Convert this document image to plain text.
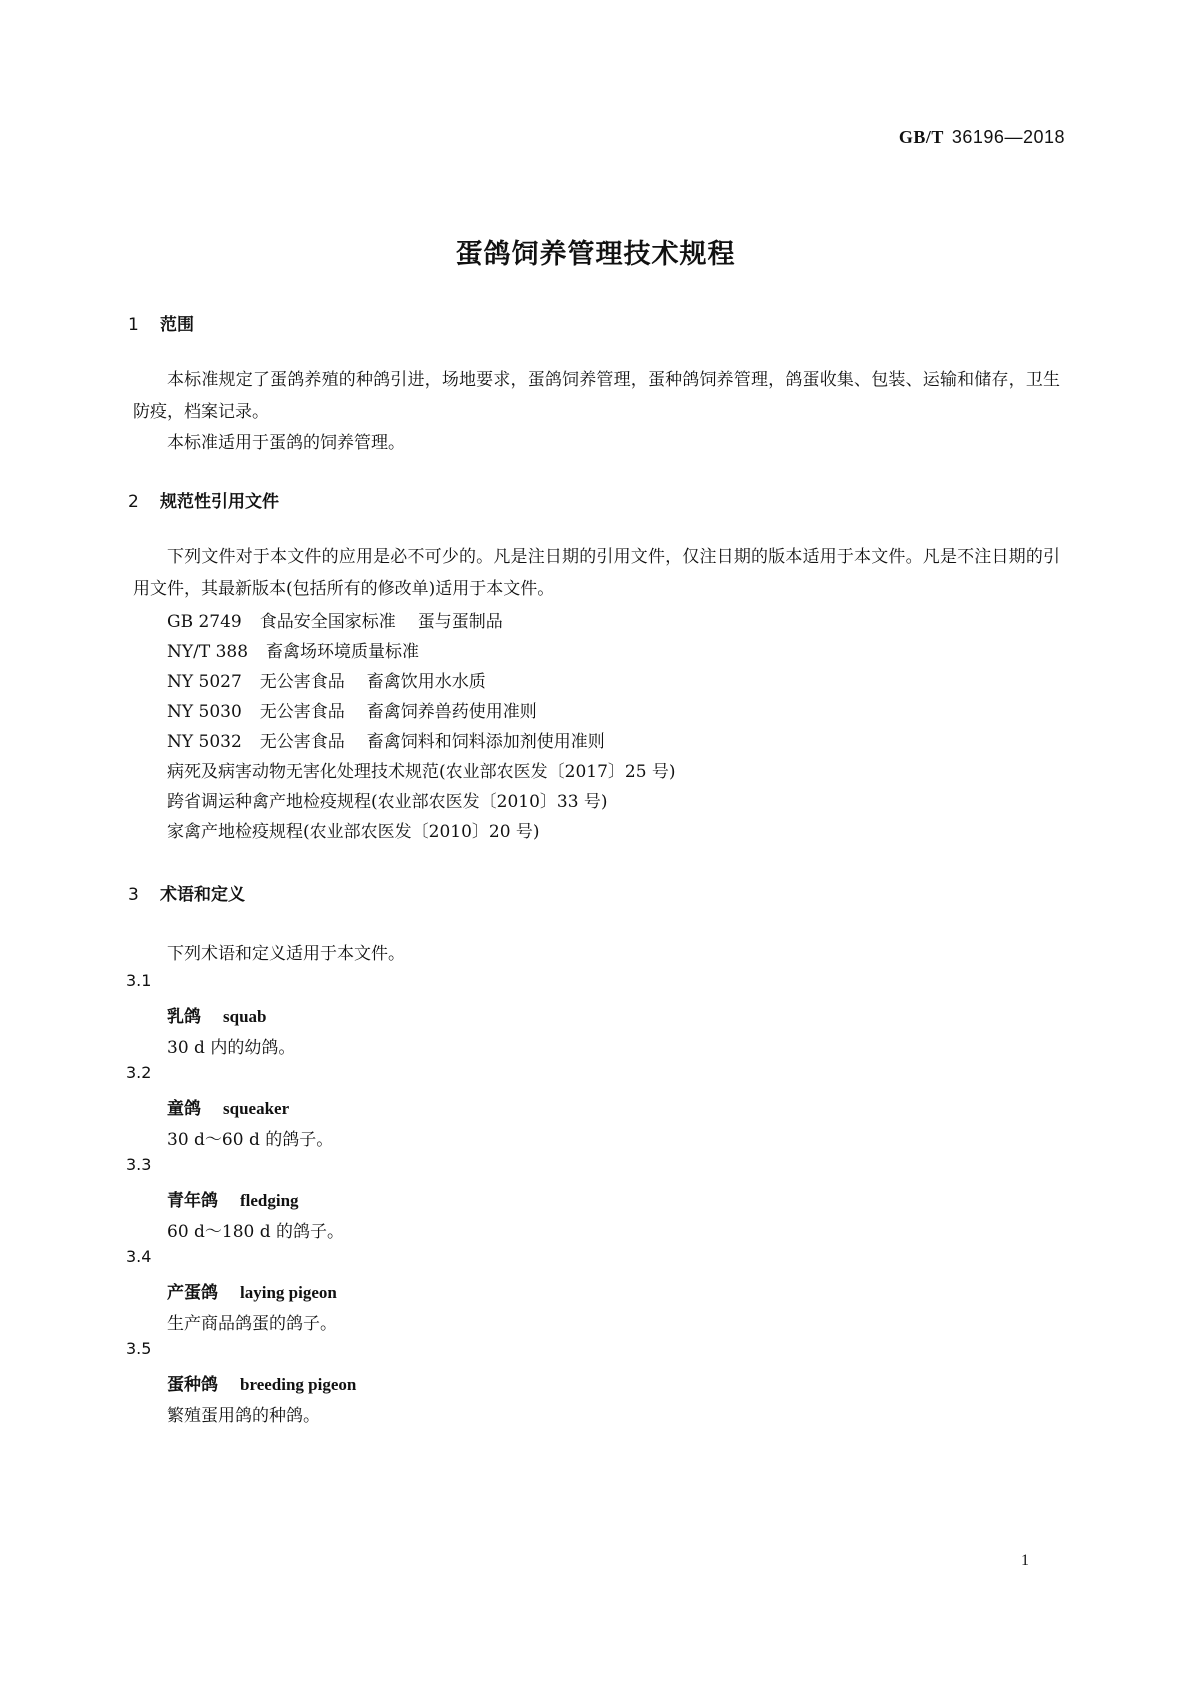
GB/T 36196—2018
蛋鸽饲养管理技术规程
1 范围
本标准规定了蛋鸽养殖的种鸽引进，场地要求，蛋鸽饲养管理，蛋种鸽饲养管理，鸽蛋收集、包装、运输和储存，卫生防疫，档案记录。
本标准适用于蛋鸽的饲养管理。
2 规范性引用文件
下列文件对于本文件的应用是必不可少的。凡是注日期的引用文件，仅注日期的版本适用于本文件。凡是不注日期的引用文件，其最新版本(包括所有的修改单)适用于本文件。
GB 2749 食品安全国家标准 蛋与蛋制品
NY/T 388 畜禽场环境质量标准
NY 5027 无公害食品 畜禽饮用水水质
NY 5030 无公害食品 畜禽饲养兽药使用准则
NY 5032 无公害食品 畜禽饲料和饲料添加剂使用准则
病死及病害动物无害化处理技术规范(农业部农医发〔2017〕25 号)
跨省调运种禽产地检疫规程(农业部农医发〔2010〕33 号)
家禽产地检疫规程(农业部农医发〔2010〕20 号)
3 术语和定义
下列术语和定义适用于本文件。
3.1
乳鸽 squab
30 d 内的幼鸽。
3.2
童鸽 squeaker
30 d～60 d 的鸽子。
3.3
青年鸽 fledging
60 d～180 d 的鸽子。
3.4
产蛋鸽 laying pigeon
生产商品鸽蛋的鸽子。
3.5
蛋种鸽 breeding pigeon
繁殖蛋用鸽的种鸽。
1
